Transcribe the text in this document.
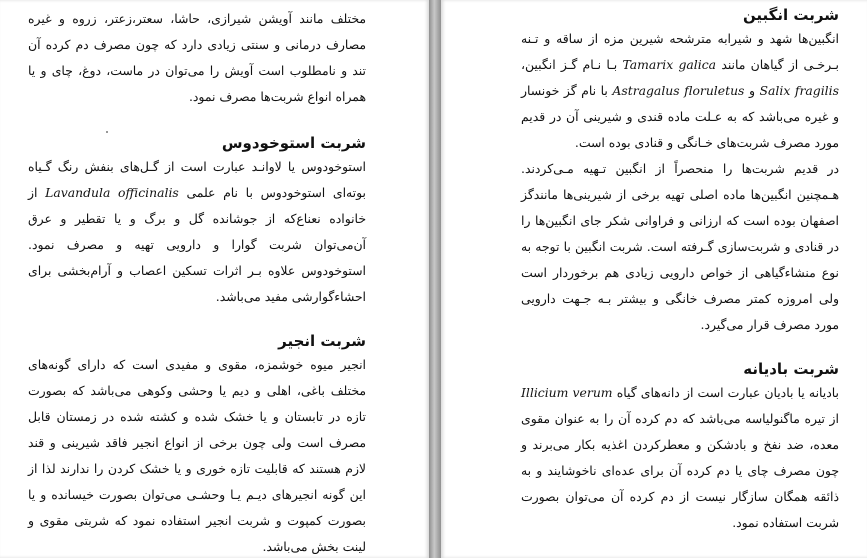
مختلف مانند آویشن شیرازی، حاشا، سعتر،زعتر، زروه و غیره مصارف درمانی و سنتی زیادی دارد که چون مصرف دم کرده آن تند و نامطلوب است آویش را می‌توان در ماست، دوغ، چای و یا همراه انواع شربت‌ها مصرف نمود.

شربت استوخودوس

استوخودوس یا لاوانـد عبارت است از گـل‌های بنفش رنگ گـیاه بوته‌ای استوخودوس با نام علمی Lavandula officinalis از خانواده نعناع‌که از جوشانده گل و برگ و یا تقطیر و عرق آن‌می‌توان شربت گوارا و دارویی تهیه و مصرف نمود. استوخودوس علاوه بـر اثرات تسکین اعصاب و آرام‌بخشی برای احشاءگوارشی مفید می‌باشد.

شربت انجیر

انجیر میوه خوشمزه، مقوی و مفیدی است که دارای گونه‌های مختلف باغی، اهلی و دیم یا وحشی وکوهی می‌باشد که بصورت تازه در تابستان و یا خشک شده و کشته شده در زمستان قابل مصرف است ولی چون برخی از انواع انجیر فاقد شیرینی و قند لازم هستند که قابلیت تازه خوری و یا خشک کردن را ندارند لذا از این گونه انجیرهای دیـم یـا وحشـی می‌توان بصورت خیسانده و یا بصورت کمپوت و شربت انجیر استفاده نمود که شربتی مقوی و لینت بخش می‌باشد.

شربت انگبین

انگبین‌ها شهد و شیرابه مترشحه شیرین مزه از ساقه و تـنه بـرخـی از گیاهان مانند Tamarix galica بـا نـام گـز انگبین، Salix fragilis و Astragalus floruletus با نام گز خونسار و غیره می‌باشد که به عـلت ماده قندی و شیرینی آن در قدیم مورد مصرف شربت‌های خـانگی و قنادی بوده است.

در قدیم شربت‌ها را منحصراً از انگبین تـهیه مـی‌کردند. هـمچنین انگبین‌ها ماده اصلی تهیه برخی از شیرینی‌ها مانندگز اصفهان بوده است که ارزانی و فراوانی شکر جای انگبین‌ها را در قنادی و شربت‌سازی گـرفته است. شربت انگبین با توجه به نوع منشاءگیاهی از خواص دارویی زیادی هم برخوردار است ولی امروزه کمتر مصرف خانگی و بیشتر بـه جـهت دارویی مورد مصرف قرار می‌گیرد.

شربت بادیانه

بادیانه یا بادیان عبارت است از دانه‌های گیاه Illicium verum از تیره ماگنولیاسه می‌باشد که دم کرده آن را به عنوان مقوی معده، ضد نفخ و بادشکن و معطرکردن اغذیه بکار می‌برند و چون مصرف چای یا دم کرده آن برای عده‌ای ناخوشایند و به ذائقه همگان سازگار نیست از دم کرده آن می‌توان بصورت شربت استفاده نمود.
